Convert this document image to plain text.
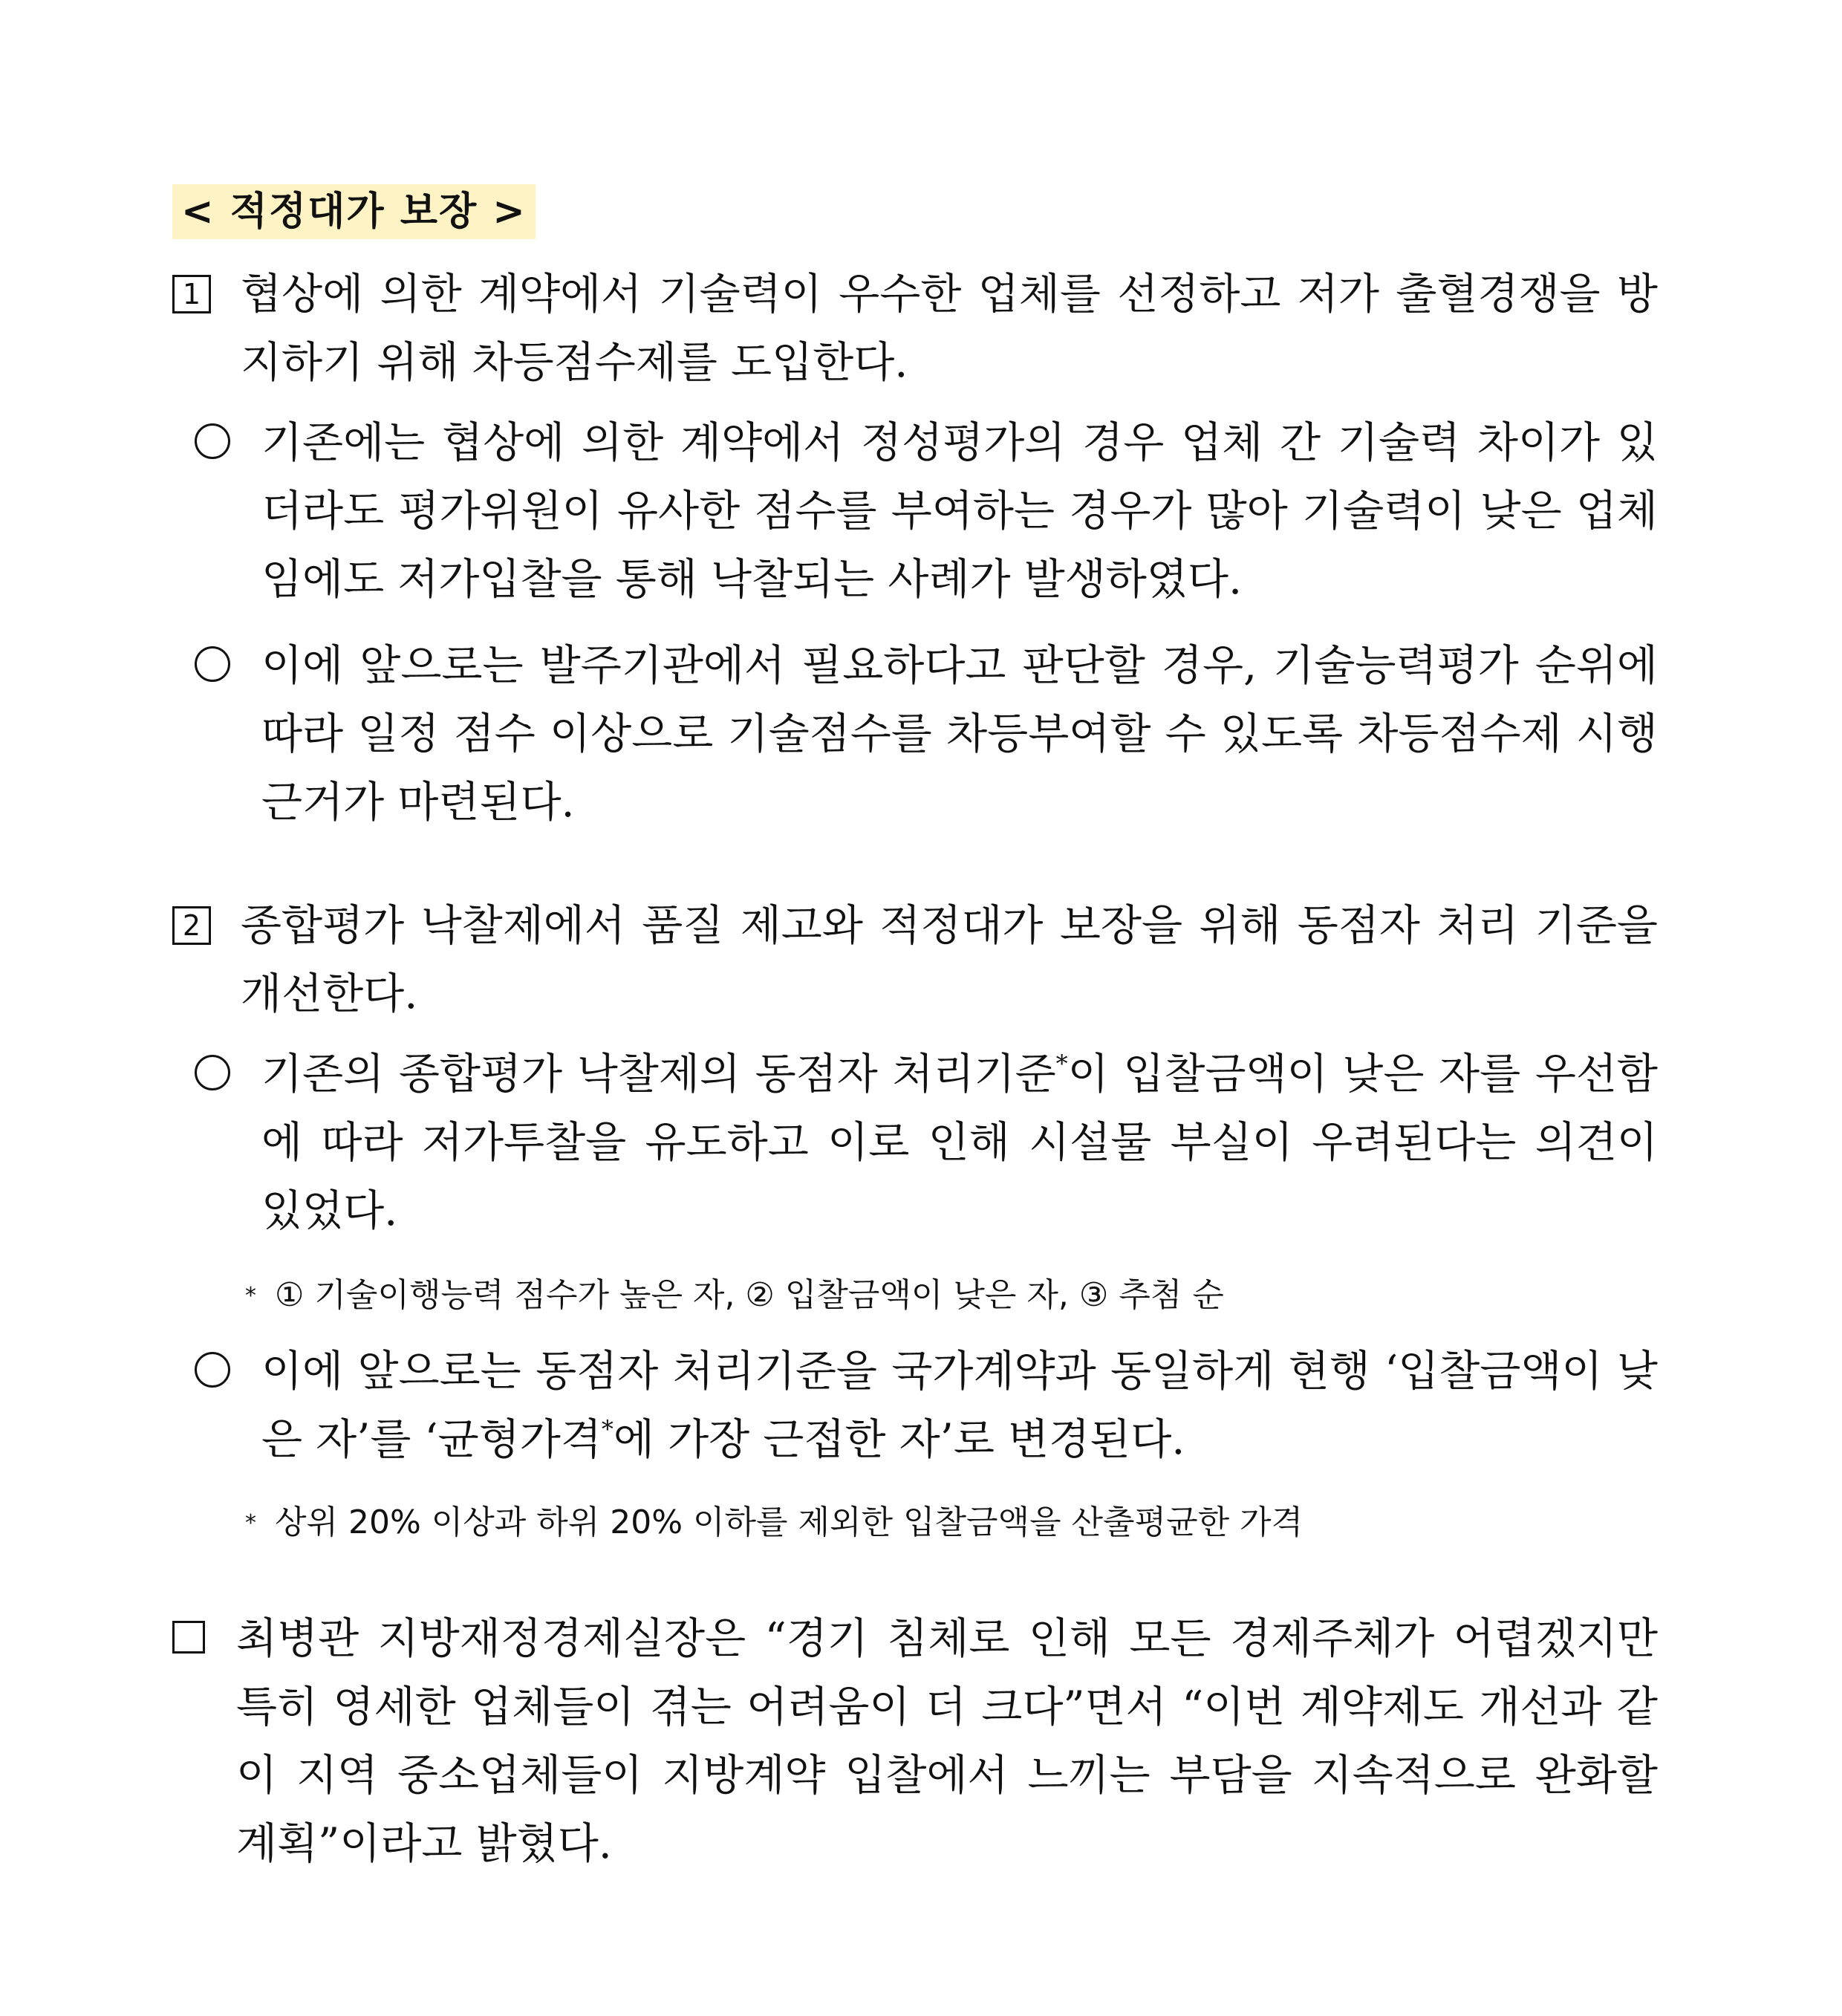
< 적정대가 보장 >
1 협상에 의한 계약에서 기술력이 우수한 업체를 선정하고 저가 출혈경쟁을 방지하기 위해 차등점수제를 도입한다.
기존에는 협상에 의한 계약에서 정성평가의 경우 업체 간 기술력 차이가 있더라도 평가위원이 유사한 점수를 부여하는 경우가 많아 기술력이 낮은 업체임에도 저가입찰을 통해 낙찰되는 사례가 발생하였다.
이에 앞으로는 발주기관에서 필요하다고 판단할 경우, 기술능력평가 순위에 따라 일정 점수 이상으로 기술점수를 차등부여할 수 있도록 차등점수제 시행 근거가 마련된다.
2 종합평가 낙찰제에서 품질 제고와 적정대가 보장을 위해 동점자 처리 기준을 개선한다.
기존의 종합평가 낙찰제의 동점자 처리기준*이 입찰금액이 낮은 자를 우선함에 따라 저가투찰을 유도하고 이로 인해 시설물 부실이 우려된다는 의견이 있었다.
* ① 기술이행능력 점수가 높은 자, ② 입찰금액이 낮은 자, ③ 추첨 순
이에 앞으로는 동점자 처리기준을 국가계약과 동일하게 현행 ‘입찰금액이 낮은 자’를 ‘균형가격*에 가장 근접한 자’로 변경된다.
* 상위 20% 이상과 하위 20% 이하를 제외한 입찰금액을 산출평균한 가격
최병관 지방재정경제실장은 “경기 침체로 인해 모든 경제주체가 어렵겠지만 특히 영세한 업체들이 겪는 어려움이 더 크다”면서 “이번 계약제도 개선과 같이 지역 중소업체들이 지방계약 입찰에서 느끼는 부담을 지속적으로 완화할 계획”이라고 밝혔다.
